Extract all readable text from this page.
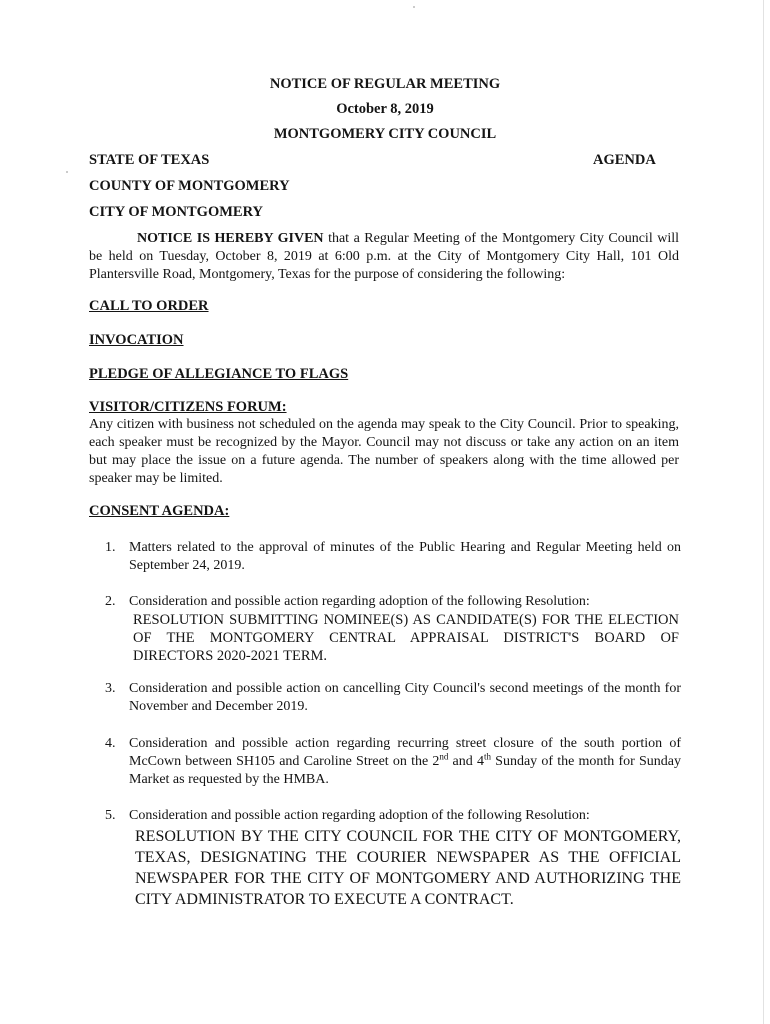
NOTICE OF REGULAR MEETING
October 8, 2019
MONTGOMERY CITY COUNCIL
STATE OF TEXAS	AGENDA
COUNTY OF MONTGOMERY
CITY OF MONTGOMERY
NOTICE IS HEREBY GIVEN that a Regular Meeting of the Montgomery City Council will be held on Tuesday, October 8, 2019 at 6:00 p.m. at the City of Montgomery City Hall, 101 Old Plantersville Road, Montgomery, Texas for the purpose of considering the following:
CALL TO ORDER
INVOCATION
PLEDGE OF ALLEGIANCE TO FLAGS
VISITOR/CITIZENS FORUM:
Any citizen with business not scheduled on the agenda may speak to the City Council. Prior to speaking, each speaker must be recognized by the Mayor. Council may not discuss or take any action on an item but may place the issue on a future agenda. The number of speakers along with the time allowed per speaker may be limited.
CONSENT AGENDA:
1. Matters related to the approval of minutes of the Public Hearing and Regular Meeting held on September 24, 2019.
2. Consideration and possible action regarding adoption of the following Resolution:
RESOLUTION SUBMITTING NOMINEE(S) AS CANDIDATE(S) FOR THE ELECTION OF THE MONTGOMERY CENTRAL APPRAISAL DISTRICT'S BOARD OF DIRECTORS 2020-2021 TERM.
3. Consideration and possible action on cancelling City Council's second meetings of the month for November and December 2019.
4. Consideration and possible action regarding recurring street closure of the south portion of McCown between SH105 and Caroline Street on the 2nd and 4th Sunday of the month for Sunday Market as requested by the HMBA.
5. Consideration and possible action regarding adoption of the following Resolution:
RESOLUTION BY THE CITY COUNCIL FOR THE CITY OF MONTGOMERY, TEXAS, DESIGNATING THE COURIER NEWSPAPER AS THE OFFICIAL NEWSPAPER FOR THE CITY OF MONTGOMERY AND AUTHORIZING THE CITY ADMINISTRATOR TO EXECUTE A CONTRACT.
